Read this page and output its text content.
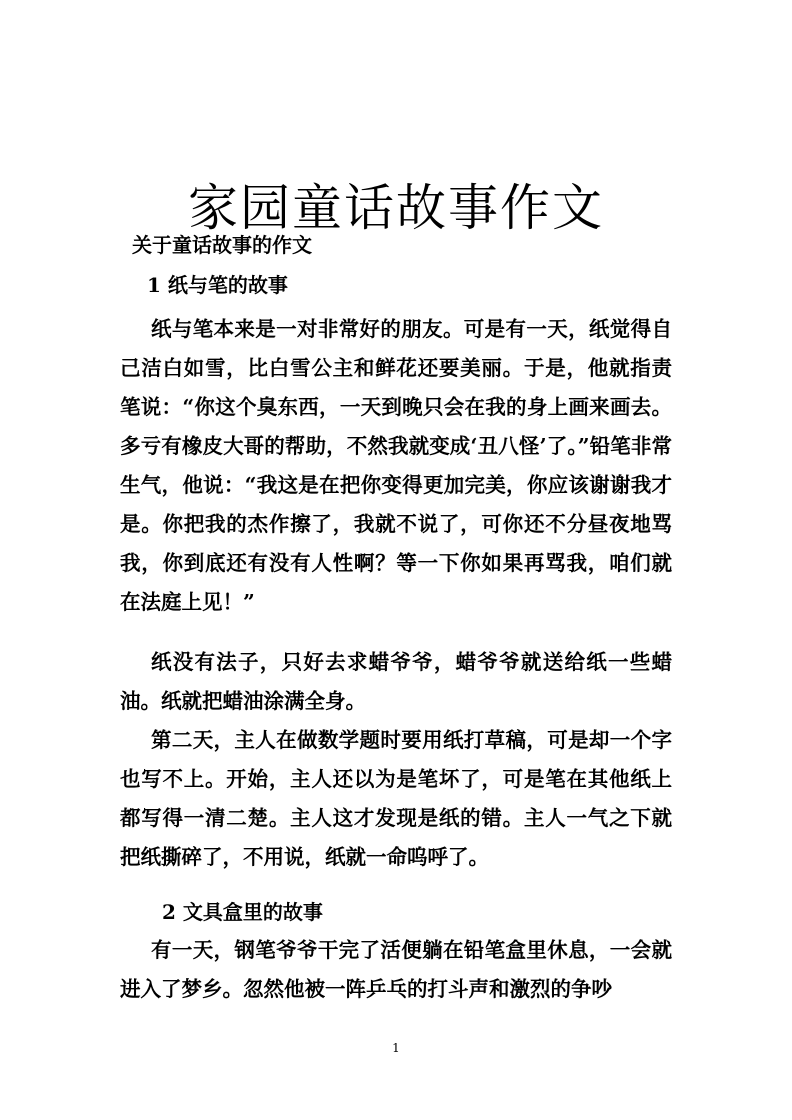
家园童话故事作文
关于童话故事的作文
1 纸与笔的故事

纸与笔本来是一对非常好的朋友。可是有一天，纸觉得自己洁白如雪，比白雪公主和鲜花还要美丽。于是，他就指责笔说：“你这个臭东西，一天到晚只会在我的身上画来画去。多亏有橡皮大哥的帮助，不然我就变成‘丑八怪’了。”铅笔非常生气，他说：“我这是在把你变得更加完美，你应该谢谢我才是。你把我的杰作擦了，我就不说了，可你还不分昼夜地骂我，你到底还有没有人性啊？等一下你如果再骂我，咱们就在法庭上见！”

纸没有法子，只好去求蜡爷爷，蜡爷爷就送给纸一些蜡油。纸就把蜡油涂满全身。

第二天，主人在做数学题时要用纸打草稿，可是却一个字也写不上。开始，主人还以为是笔坏了，可是笔在其他纸上都写得一清二楚。主人这才发现是纸的错。主人一气之下就把纸撕碎了，不用说，纸就一命呜呼了。

2 文具盒里的故事

有一天，钢笔爷爷干完了活便躺在铅笔盒里休息，一会就进入了梦乡。忽然他被一阵乒乓的打斗声和激烈的争吵

1
